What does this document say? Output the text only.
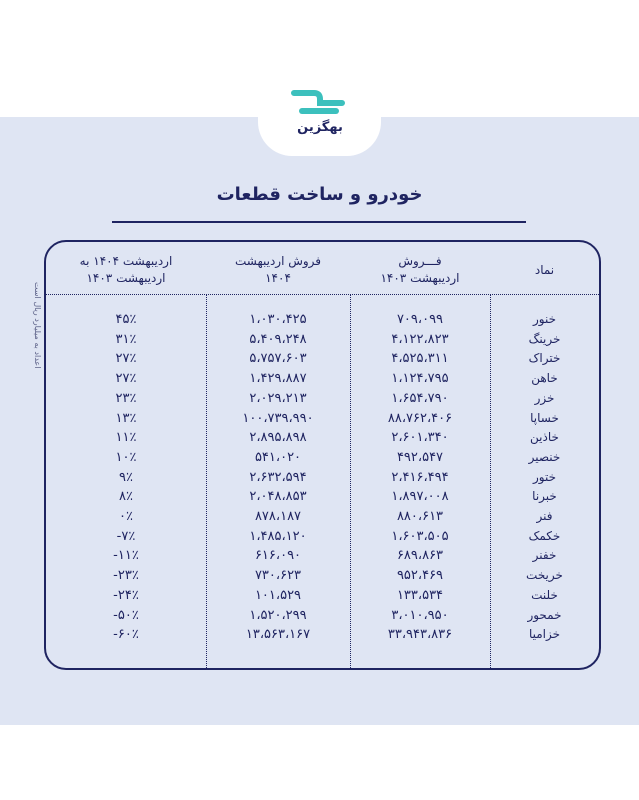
بهگزین
خودرو و ساخت قطعات
اعداد به میلیارد ریال است
نماد
فـــروش
اردیبهشت ۱۴۰۳
فروش اردیبهشت
۱۴۰۴
اردیبهشت ۱۴۰۴ به
اردیبهشت ۱۴۰۳
خنور
۷۰۹،۰۹۹
۱،۰۳۰،۴۲۵
۴۵٪
خرینگ
۴،۱۲۲،۸۲۳
۵،۴۰۹،۲۴۸
۳۱٪
ختراک
۴،۵۲۵،۳۱۱
۵،۷۵۷،۶۰۳
۲۷٪
خاهن
۱،۱۲۴،۷۹۵
۱،۴۲۹،۸۸۷
۲۷٪
خزر
۱،۶۵۴،۷۹۰
۲،۰۲۹،۲۱۳
۲۳٪
خساپا
۸۸،۷۶۲،۴۰۶
۱۰۰،۷۳۹،۹۹۰
۱۳٪
خاذین
۲،۶۰۱،۳۴۰
۲،۸۹۵،۸۹۸
۱۱٪
خنصیر
۴۹۲،۵۴۷
۵۴۱،۰۲۰
۱۰٪
ختور
۲،۴۱۶،۴۹۴
۲،۶۳۲،۵۹۴
۹٪
خبرنا
۱،۸۹۷،۰۰۸
۲،۰۴۸،۸۵۳
۸٪
فنر
۸۸۰،۶۱۳
۸۷۸،۱۸۷
۰٪
خکمک
۱،۶۰۳،۵۰۵
۱،۴۸۵،۱۲۰
-۷٪
خفنر
۶۸۹،۸۶۳
۶۱۶،۰۹۰
-۱۱٪
خریخت
۹۵۲،۴۶۹
۷۳۰،۶۲۳
-۲۳٪
خلنت
۱۳۳،۵۳۴
۱۰۱،۵۲۹
-۲۴٪
خمحور
۳،۰۱۰،۹۵۰
۱،۵۲۰،۲۹۹
-۵۰٪
خزامیا
۳۳،۹۴۳،۸۳۶
۱۳،۵۶۳،۱۶۷
-۶۰٪
